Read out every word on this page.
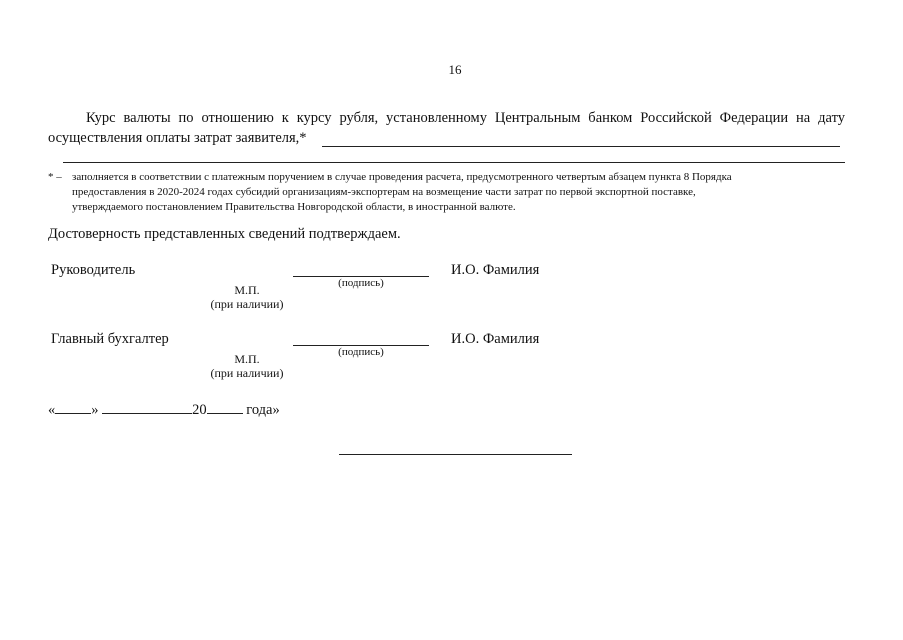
16
Курс валюты по отношению к курсу рубля, установленному Центральным банком Российской Федерации на дату
осуществления оплаты затрат заявителя,*
* – заполняется в соответствии с платежным поручением в случае проведения расчета, предусмотренного четвертым абзацем пункта 8 Порядка
предоставления в 2020-2024 годах субсидий организациям-экспортерам на возмещение части затрат по первой экспортной поставке,
утверждаемого постановлением Правительства Новгородской области, в иностранной валюте.
Достоверность представленных сведений подтверждаем.
Руководитель
(подпись)
И.О. Фамилия
М.П.
(при наличии)
Главный бухгалтер
(подпись)
И.О. Фамилия
М.П.
(при наличии)
« »	20	года»
